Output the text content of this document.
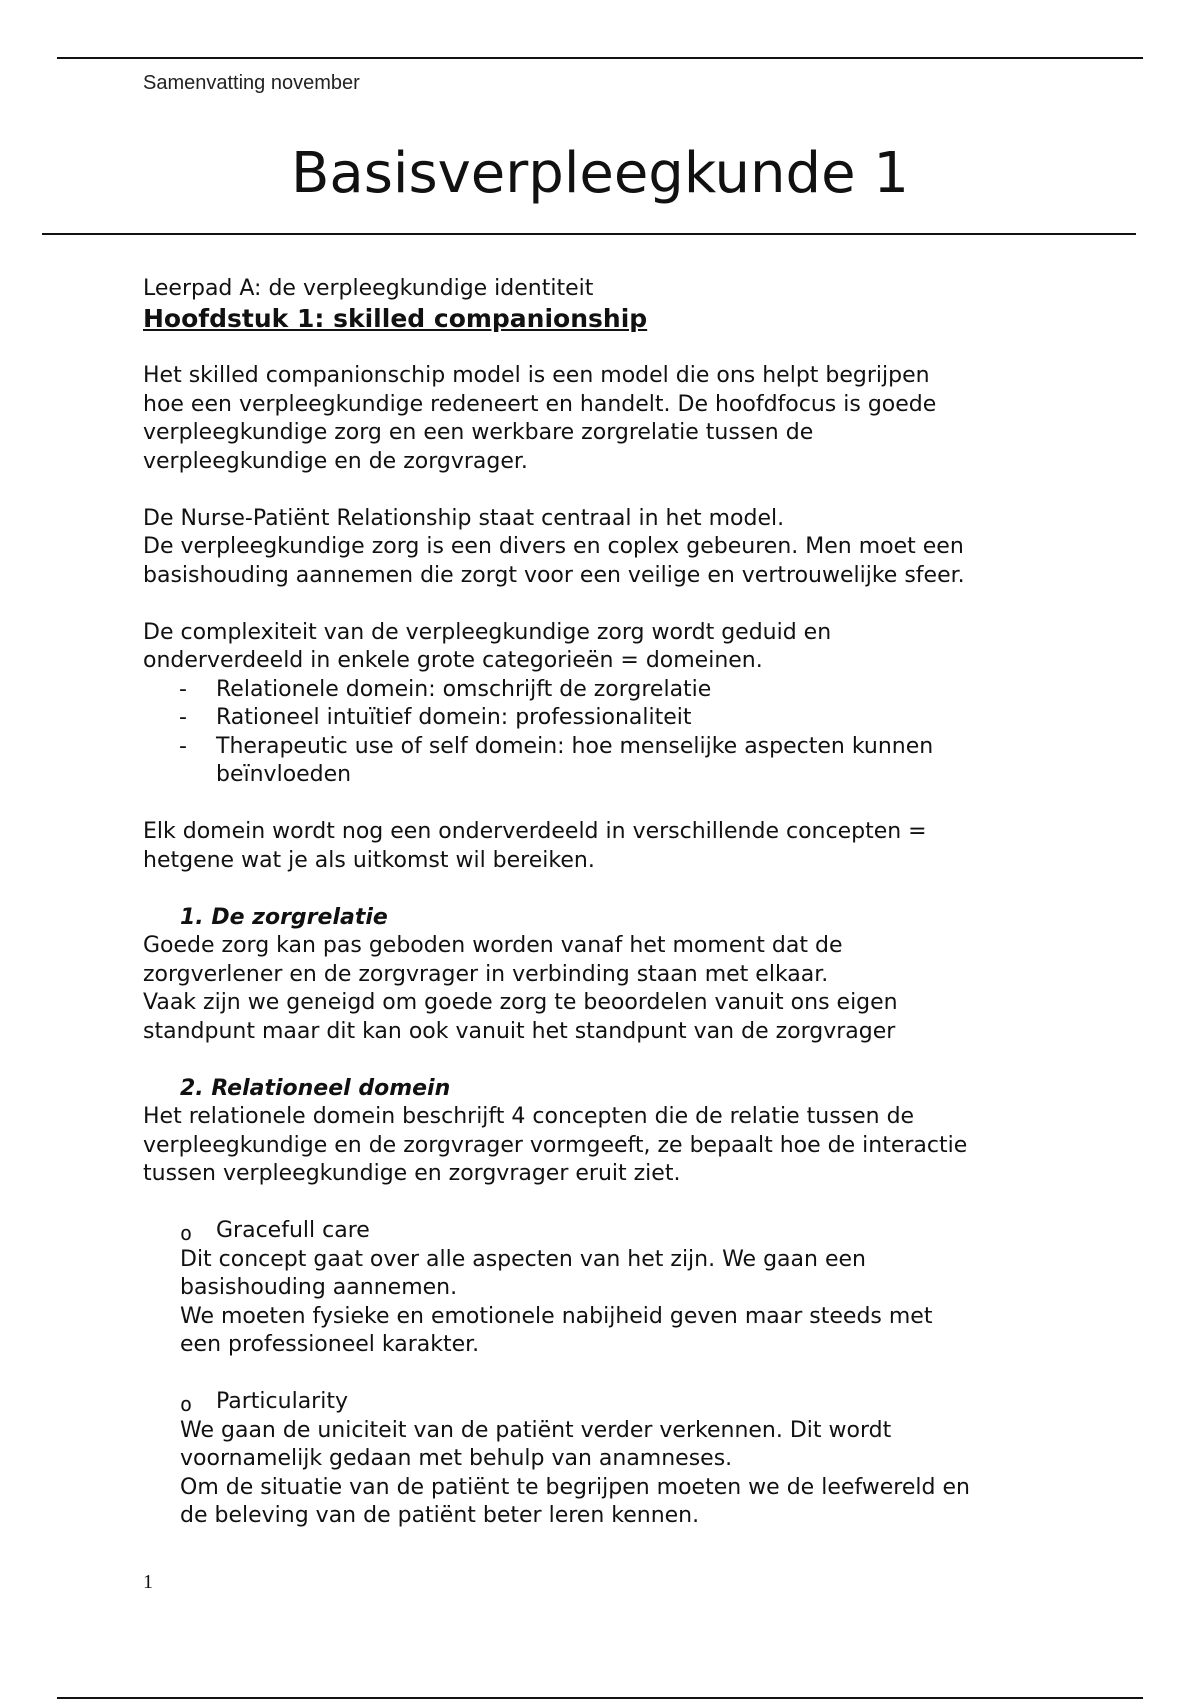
Samenvatting november
Basisverpleegkunde 1

Leerpad A: de verpleegkundige identiteit

Hoofdstuk 1: skilled companionship

Het skilled companionschip model is een model die ons helpt begrijpen

hoe een verpleegkundige redeneert en handelt. De hoofdfocus is goede

verpleegkundige zorg en een werkbare zorgrelatie tussen de

verpleegkundige en de zorgvrager.

De Nurse-Patiënt Relationship staat centraal in het model.

De verpleegkundige zorg is een divers en coplex gebeuren. Men moet een

basishouding aannemen die zorgt voor een veilige en vertrouwelijke sfeer.

De complexiteit van de verpleegkundige zorg wordt geduid en

onderverdeeld in enkele grote categorieën = domeinen.

- Relationele domein: omschrijft de zorgrelatie
- Rationeel intuïtief domein: professionaliteit
- Therapeutic use of self domein: hoe menselijke aspecten kunnen beïnvloeden

Elk domein wordt nog een onderverdeeld in verschillende concepten =

hetgene wat je als uitkomst wil bereiken.

1. De zorgrelatie

Goede zorg kan pas geboden worden vanaf het moment dat de

zorgverlener en de zorgvrager in verbinding staan met elkaar.

Vaak zijn we geneigd om goede zorg te beoordelen vanuit ons eigen

standpunt maar dit kan ook vanuit het standpunt van de zorgvrager

2. Relationeel domein

Het relationele domein beschrijft 4 concepten die de relatie tussen de

verpleegkundige en de zorgvrager vormgeeft, ze bepaalt hoe de interactie

tussen verpleegkundige en zorgvrager eruit ziet.

o Gracefull care

Dit concept gaat over alle aspecten van het zijn. We gaan een

basishouding aannemen.

We moeten fysieke en emotionele nabijheid geven maar steeds met

een professioneel karakter.

o Particularity

We gaan de uniciteit van de patiënt verder verkennen. Dit wordt

voornamelijk gedaan met behulp van anamneses.

Om de situatie van de patiënt te begrijpen moeten we de leefwereld en

de beleving van de patiënt beter leren kennen.

1
